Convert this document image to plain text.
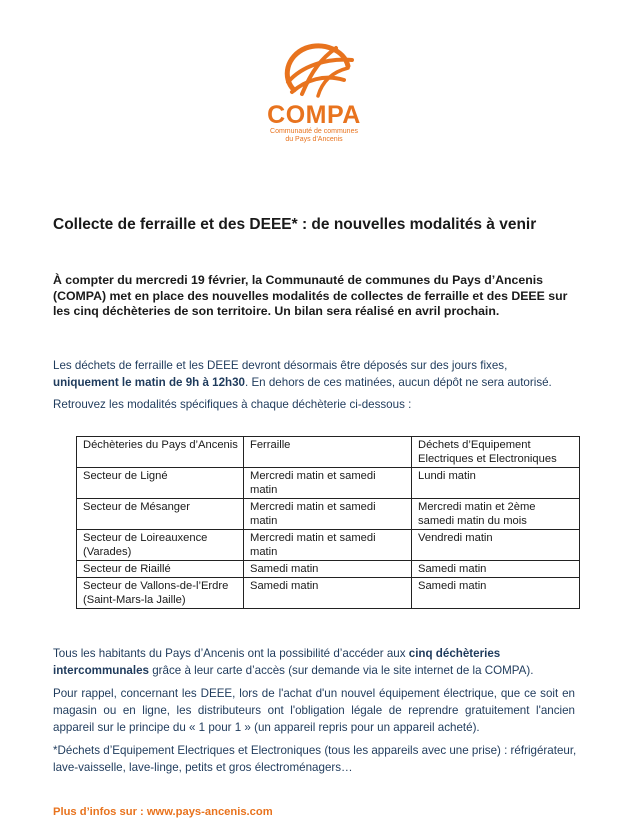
COMPA
Communauté de communes
du Pays d'Ancenis
Collecte de ferraille et des DEEE* : de nouvelles modalités à venir
À compter du mercredi 19 février, la Communauté de communes du Pays d’Ancenis (COMPA) met en place des nouvelles modalités de collectes de ferraille et des DEEE sur les cinq déchèteries de son territoire. Un bilan sera réalisé en avril prochain.
Les déchets de ferraille et les DEEE devront désormais être déposés sur des jours fixes, uniquement le matin de 9h à 12h30. En dehors de ces matinées, aucun dépôt ne sera autorisé.
Retrouvez les modalités spécifiques à chaque déchèterie ci-dessous :
Déchèteries du Pays d’Ancenis	Ferraille	Déchets d’Equipement Electriques et Electroniques
Secteur de Ligné	Mercredi matin et samedi matin	Lundi matin
Secteur de Mésanger	Mercredi matin et samedi matin	Mercredi matin et 2ème samedi matin du mois
Secteur de Loireauxence (Varades)	Mercredi matin et samedi matin	Vendredi matin
Secteur de Riaillé	Samedi matin	Samedi matin
Secteur de Vallons-de-l’Erdre (Saint-Mars-la Jaille)	Samedi matin	Samedi matin
Tous les habitants du Pays d’Ancenis ont la possibilité d’accéder aux cinq déchèteries intercommunales grâce à leur carte d’accès (sur demande via le site internet de la COMPA).
Pour rappel, concernant les DEEE, lors de l'achat d'un nouvel équipement électrique, que ce soit en magasin ou en ligne, les distributeurs ont l'obligation légale de reprendre gratuitement l'ancien appareil sur le principe du « 1 pour 1 » (un appareil repris pour un appareil acheté).
*Déchets d’Equipement Electriques et Electroniques (tous les appareils avec une prise) : réfrigérateur, lave-vaisselle, lave-linge, petits et gros électroménagers…
Plus d’infos sur : www.pays-ancenis.com
